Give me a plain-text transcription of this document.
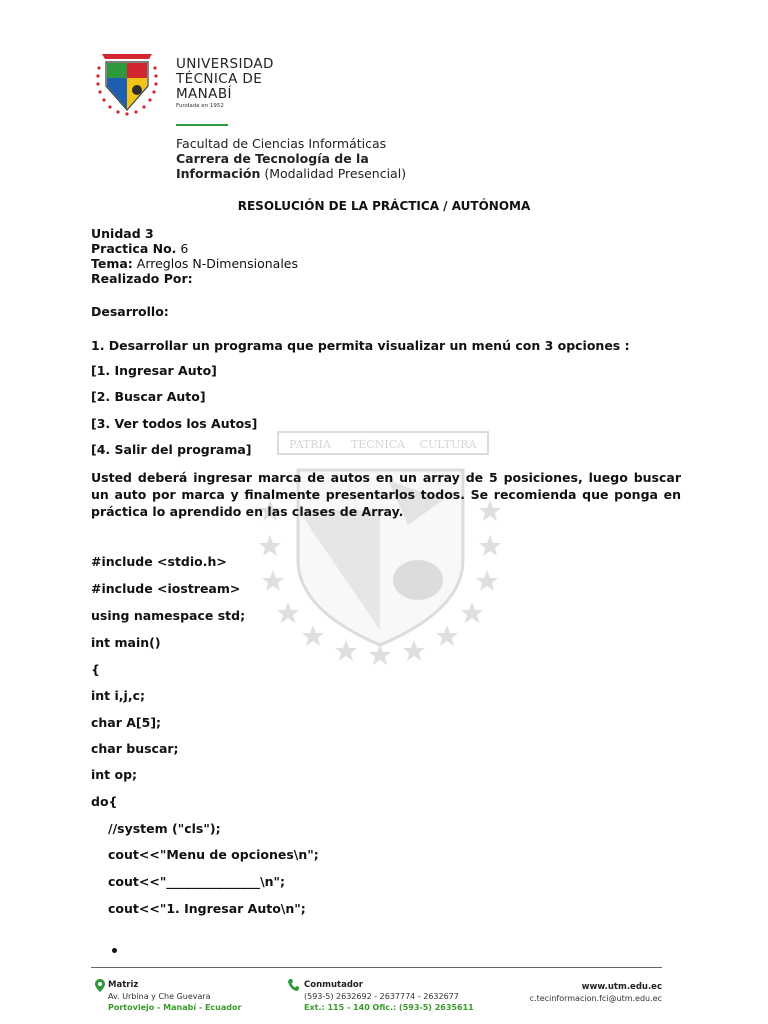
UNIVERSIDAD
TÉCNICA DE
MANABÍ
Fundada en 1952
Facultad de Ciencias Informáticas
Carrera de Tecnología de la
Información (Modalidad Presencial)
PATRIA TÉCNICA CULTURA
RESOLUCIÓN DE LA PRÁCTICA / AUTÓNOMA
Unidad 3
Practica No. 6
Tema: Arreglos N-Dimensionales
Realizado Por:
Desarrollo:
1. Desarrollar un programa que permita visualizar un menú con 3 opciones :
[1. Ingresar Auto]
[2. Buscar Auto]
[3. Ver todos los Autos]
[4. Salir del programa]
Usted deberá ingresar marca de autos en un array de 5 posiciones, luego buscar un auto por marca y finalmente presentarlos todos. Se recomienda que ponga en práctica lo aprendido en las clases de Array.
#include <stdio.h>
#include <iostream>
using namespace std;
int main()
{
int i,j,c;
char A[5];
char buscar;
int op;
do{
//system ("cls");
cout<<"Menu de opciones\n";
cout<<"_______________\n";
cout<<"1. Ingresar Auto\n";
Matriz
Av. Urbina y Che Guevara
Portoviejo - Manabí - Ecuador
Conmutador
(593-5) 2632692 - 2637774 - 2632677
Ext.: 115 - 140 Ofic.: (593-5) 2635611
www.utm.edu.ec
c.tecinformacion.fci@utm.edu.ec
